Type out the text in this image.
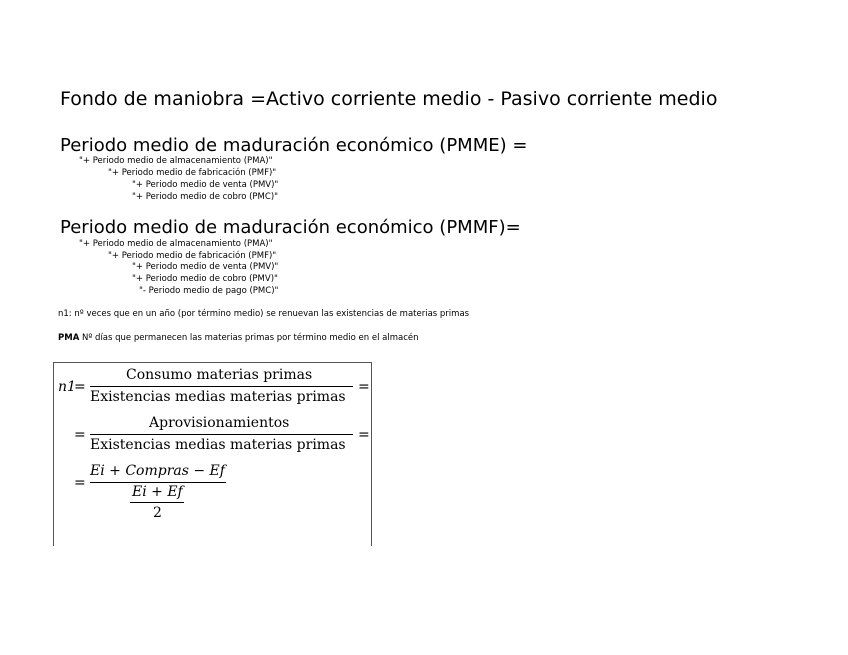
Fondo de maniobra =Activo corriente medio - Pasivo corriente medio
Periodo medio de maduración económico (PMME) =
"+ Periodo medio de almacenamiento (PMA)"
"+ Periodo medio de fabricación (PMF)"
"+ Periodo medio de venta (PMV)"
"+ Periodo medio de cobro (PMC)"
Periodo medio de maduración económico (PMMF)=
"+ Periodo medio de almacenamiento (PMA)"
"+ Periodo medio de fabricación (PMF)"
"+ Periodo medio de venta (PMV)"
"+ Periodo medio de cobro (PMV)"
"- Periodo medio de pago (PMC)"
n1: nº veces que en un año (por término medio) se renuevan las existencias de materias primas
PMA Nº días que permanecen las materias primas por término medio en el almacén
n1
=
Consumo materias primas
Existencias medias materias primas
=
=
Aprovisionamientos
Existencias medias materias primas
=
=
Ei + Compras − Ef
Ei + Ef
2
